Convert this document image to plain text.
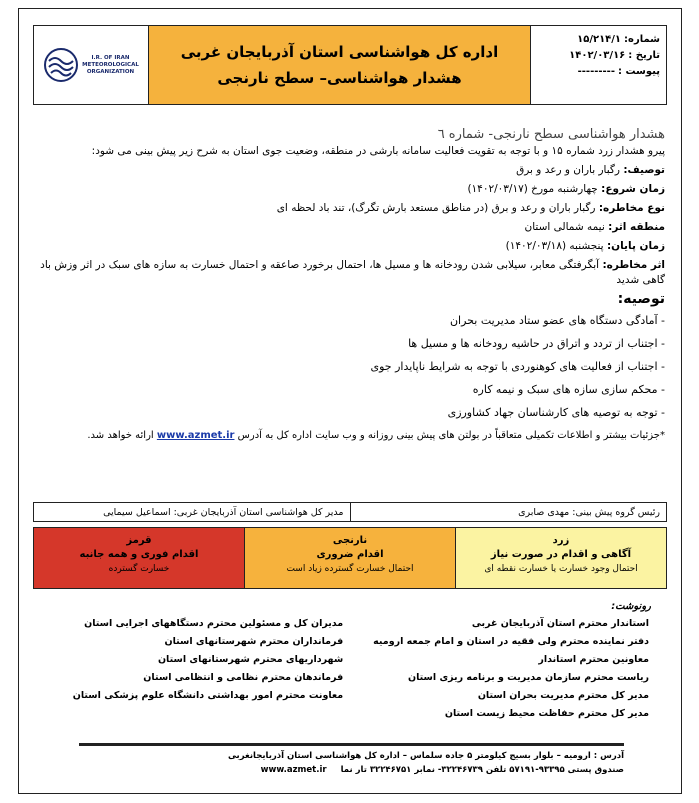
I.R. OF IRAN
METEOROLOGICAL
ORGANIZATION
اداره کل هواشناسی استان آذربایجان غربی
هشدار هواشناسی– سطح نارنجی
شماره:
۱۵/۲۱۴/۱
تاریخ :
۱۴۰۲/۰۳/۱۶
پیوست :
---------
هشدار هواشناسی سطح نارنجی- شماره ٦

پیرو هشدار زرد شماره ۱۵ و با توجه به تقویت فعالیت سامانه بارشی در منطقه، وضعیت جوی استان به شرح زیر پیش بینی می شود:

توصیف: رگبار باران و رعد و برق

زمان شروع: چهارشنبه مورخ (۱۴۰۲/۰۳/۱۷)

نوع مخاطره: رگبار باران و رعد و برق (در مناطق مستعد بارش تگرگ)، تند باد لحظه ای

منطقه اثر: نیمه شمالی استان

زمان پایان: پنجشنبه (۱۴۰۲/۰۳/۱۸)

اثر مخاطره: آبگرفتگی معابر، سیلابی شدن رودخانه ها و مسیل ها، احتمال برخورد صاعقه و احتمال خسارت به سازه های سبک در اثر وزش باد گاهی شدید

توصیه:
- آمادگی دستگاه های عضو ستاد مدیریت بحران
- اجتناب از تردد و اتراق در حاشیه رودخانه ها و مسیل ها
- اجتناب از فعالیت های کوهنوردی با توجه به شرایط ناپایدار جوی
- محکم سازی سازه های سبک و نیمه کاره
- توجه به توصیه های کارشناسان جهاد کشاورزی
*جزئیات بیشتر و اطلاعات تکمیلی متعاقباً در بولتن های پیش بینی روزانه و وب سایت اداره کل به آدرس www.azmet.ir ارائه خواهد شد.
رئیس گروه پیش بینی: مهدی صابری
مدیر کل هواشناسی استان آذربایجان غربی: اسماعیل سیمایی
زرد
آگاهی و اقدام در صورت نیاز
احتمال وجود خسارت یا خسارت نقطه ای
نارنجی
اقدام ضروری
احتمال خسارت گسترده زیاد است
قرمز
اقدام فوری و همه جانبه
خسارت گسترده
رونوشت:
استاندار محترم استان آذربایجان غربی
دفتر نماینده محترم ولی فقیه در استان و امام جمعه ارومیه
معاونین محترم استاندار
ریاست محترم سازمان مدیریت و برنامه ریزی استان
مدیر کل محترم مدیریت بحران استان
مدیر کل محترم حفاظت محیط زیست استان
مدیران کل و مسئولین محترم دستگاههای اجرایی استان
فرمانداران محترم شهرستانهای استان
شهرداریهای محترم شهرستانهای استان
فرماندهان محترم نظامی و انتظامی استان
معاونت محترم امور بهداشتی دانشگاه علوم پزشکی استان
آدرس : ارومیه – بلوار بسیج کیلومتر ۵ جاده سلماس – اداره کل هواشناسی استان آذربایجانغربی
صندوق پستی ۹۳۳۹۵-۵۷۱۹۱ تلفن ۳۲۲۴۶۷۳۹- نمابر ۳۲۲۴۶۷۵۱ تار نما
www.azmet.ir
